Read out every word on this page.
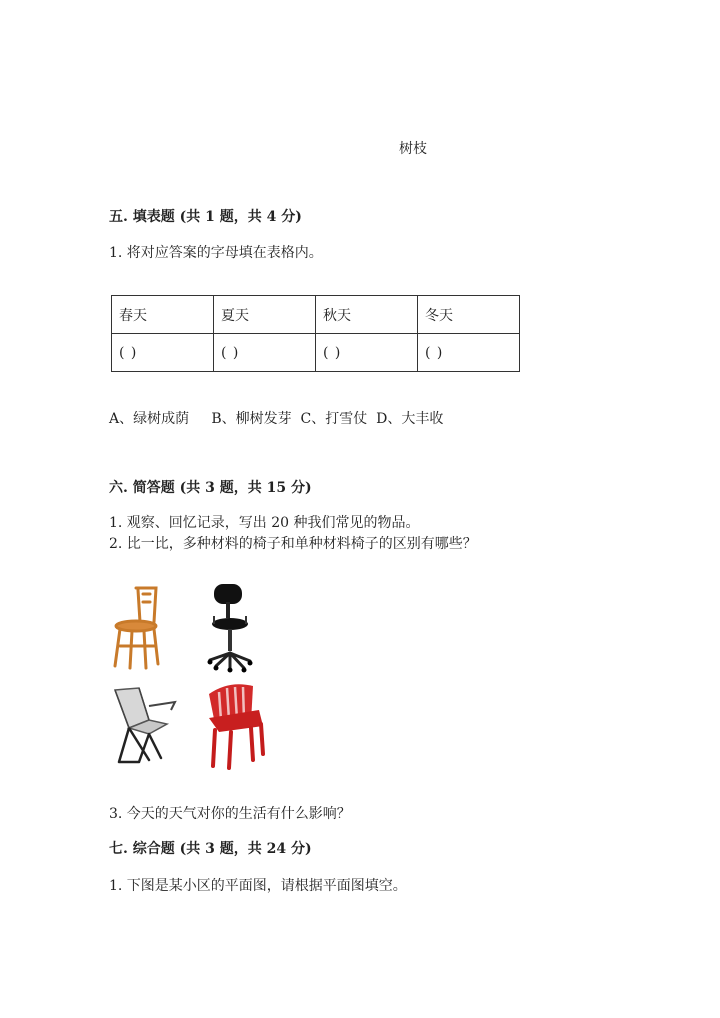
树枝
五. 填表题 (共 1 题，共 4 分)
1. 将对应答案的字母填在表格内。
春天	夏天	秋天	冬天
( )	( )	( )	( )
A、绿树成荫     B、柳树发芽  C、打雪仗  D、大丰收
六. 简答题 (共 3 题，共 15 分)
1. 观察、回忆记录，写出 20 种我们常见的物品。
2. 比一比，多种材料的椅子和单种材料椅子的区别有哪些？
3. 今天的天气对你的生活有什么影响？
七. 综合题 (共 3 题，共 24 分)
1. 下图是某小区的平面图，请根据平面图填空。
